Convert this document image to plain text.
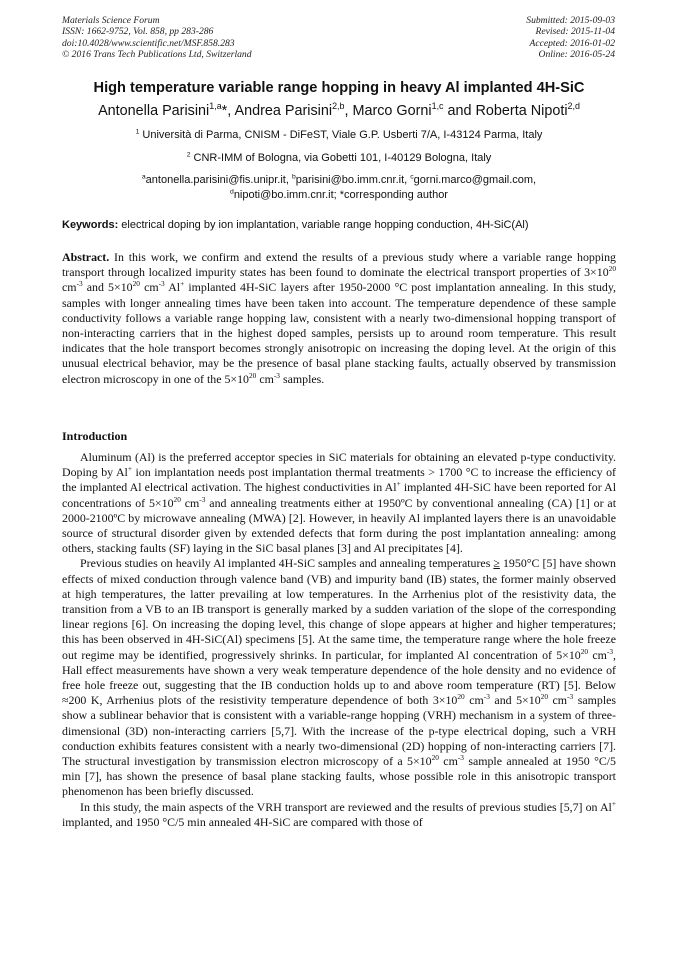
Materials Science Forum
ISSN: 1662-9752, Vol. 858, pp 283-286
doi:10.4028/www.scientific.net/MSF.858.283
© 2016 Trans Tech Publications Ltd, Switzerland
Submitted: 2015-09-03
Revised: 2015-11-04
Accepted: 2016-01-02
Online: 2016-05-24
High temperature variable range hopping in heavy Al implanted 4H-SiC
Antonella Parisini$^{1,a}$*, Andrea Parisini$^{2,b}$, Marco Gorni$^{1,c}$ and Roberta Nipoti$^{2,d}$
$^1$ Università di Parma, CNISM - DiFeST, Viale G.P. Usberti 7/A, I-43124 Parma, Italy
$^2$ CNR-IMM of Bologna, via Gobetti 101, I-40129 Bologna, Italy
$^a$antonella.parisini@fis.unipr.it, $^b$parisini@bo.imm.cnr.it, $^c$gorni.marco@gmail.com,
$^d$nipoti@bo.imm.cnr.it; *corresponding author
Keywords: electrical doping by ion implantation, variable range hopping conduction, 4H-SiC(Al)

Abstract. In this work, we confirm and extend the results of a previous study where a variable range hopping transport through localized impurity states has been found to dominate the electrical transport properties of $3\times 10^{20}$ $cm^{-3}$ and $5\times 10^{20}$ $cm^{-3}$ Al+ implanted 4H-SiC layers after 1950-2000 °C post implantation annealing. In this study, samples with longer annealing times have been taken into account. The temperature dependence of these sample conductivity follows a variable range hopping law, consistent with a nearly two-dimensional hopping transport of non-interacting carriers that in the highest doped samples, persists up to around room temperature. This result indicates that the hole transport becomes strongly anisotropic on increasing the doping level. At the origin of this unusual electrical behavior, may be the presence of basal plane stacking faults, actually observed by transmission electron microscopy in one of the $5\times 10^{20}$ $cm^{-3}$ samples.

Introduction

Aluminum (Al) is the preferred acceptor species in SiC materials for obtaining an elevated p-type conductivity. Doping by Al+ ion implantation needs post implantation thermal treatments > 1700 °C to increase the efficiency of the implanted Al electrical activation. The highest conductivities in Al+ implanted 4H-SiC have been reported for Al concentrations of $5\times 10^{20}$ $cm^{-3}$ and annealing treatments either at 1950ºC by conventional annealing (CA) [1] or at 2000-2100ºC by microwave annealing (MWA) [2]. However, in heavily Al implanted layers there is an unavoidable source of structural disorder given by extended defects that form during the post implantation annealing: among others, stacking faults (SF) laying in the SiC basal planes [3] and Al precipitates [4].

Previous studies on heavily Al implanted 4H-SiC samples and annealing temperatures ≥ 1950°C [5] have shown effects of mixed conduction through valence band (VB) and impurity band (IB) states, the former mainly observed at high temperatures, the latter prevailing at low temperatures. In the Arrhenius plot of the resistivity data, the transition from a VB to an IB transport is generally marked by a sudden variation of the slope of the corresponding linear regions [6]. On increasing the doping level, this change of slope appears at higher and higher temperatures; this has been observed in 4H-SiC(Al) specimens [5]. At the same time, the temperature range where the hole freeze out regime may be identified, progressively shrinks. In particular, for implanted Al concentration of $5\times 10^{20}$ $cm^{-3}$, Hall effect measurements have shown a very weak temperature dependence of the hole density and no evidence of free hole freeze out, suggesting that the IB conduction holds up to and above room temperature (RT) [5]. Below ≈200 K, Arrhenius plots of the resistivity temperature dependence of both $3\times 10^{20}$ $cm^{-3}$ and $5\times 10^{20}$ $cm^{-3}$ samples show a sublinear behavior that is consistent with a variable-range hopping (VRH) mechanism in a system of three-dimensional (3D) non-interacting carriers [5,7]. With the increase of the p-type electrical doping, such a VRH conduction exhibits features consistent with a nearly two-dimensional (2D) hopping of non-interacting carriers [7]. The structural investigation by transmission electron microscopy of a $5\times 10^{20}$ $cm^{-3}$ sample annealed at 1950 °C/5 min [7], has shown the presence of basal plane stacking faults, whose possible role in this anisotropic transport phenomenon has been briefly discussed.

In this study, the main aspects of the VRH transport are reviewed and the results of previous studies [5,7] on Al+ implanted, and 1950 °C/5 min annealed 4H-SiC are compared with those of
